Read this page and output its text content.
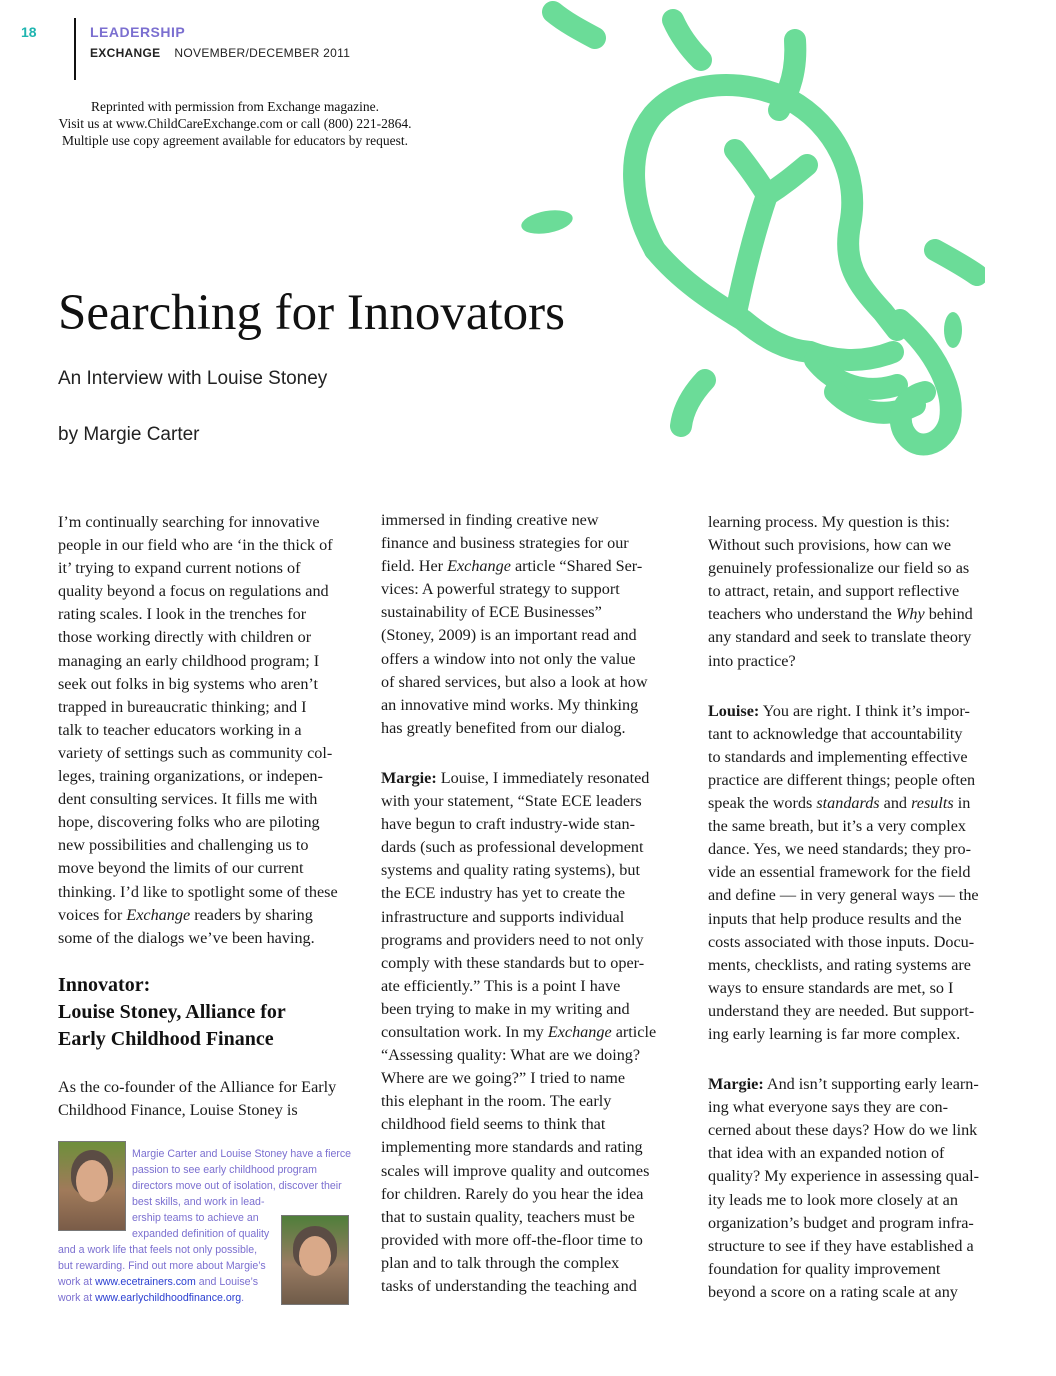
18	LEADERSHIP
EXCHANGE NOVEMBER/DECEMBER 2011
Reprinted with permission from Exchange magazine.
Visit us at www.ChildCareExchange.com or call (800) 221-2864.
Multiple use copy agreement available for educators by request.
Searching for Innovators
An Interview with Louise Stoney
by Margie Carter
I’m continually searching for innovative
people in our field who are ‘in the thick of
it’ trying to expand current notions of
quality beyond a focus on regulations and
rating scales. I look in the trenches for
those working directly with children or
managing an early childhood program; I
seek out folks in big systems who aren’t
trapped in bureaucratic thinking; and I
talk to teacher educators working in a
variety of settings such as community col-
leges, training organizations, or indepen-
dent consulting services. It fills me with
hope, discovering folks who are piloting
new possibilities and challenging us to
move beyond the limits of our current
thinking. I’d like to spotlight some of these
voices for Exchange readers by sharing
some of the dialogs we’ve been having.
Innovator:
Louise Stoney, Alliance for
Early Childhood Finance
As the co-founder of the Alliance for Early
Childhood Finance, Louise Stoney is
Margie Carter and Louise Stoney have a fierce
passion to see early childhood program
directors move out of isolation, discover their
best skills, and work in lead-
ership teams to achieve an
expanded definition of quality
and a work life that feels not only possible,
but rewarding. Find out more about Margie’s
work at www.ecetrainers.com and Louise’s
work at www.earlychildhoodfinance.org.
immersed in finding creative new
finance and business strategies for our
field. Her Exchange article “Shared Ser-
vices: A powerful strategy to support
sustainability of ECE Businesses”
(Stoney, 2009) is an important read and
offers a window into not only the value
of shared services, but also a look at how
an innovative mind works. My thinking
has greatly benefited from our dialog.
Margie: Louise, I immediately resonated
with your statement, “State ECE leaders
have begun to craft industry-wide stan-
dards (such as professional development
systems and quality rating systems), but
the ECE industry has yet to create the
infrastructure and supports individual
programs and providers need to not only
comply with these standards but to oper-
ate efficiently.” This is a point I have
been trying to make in my writing and
consultation work. In my Exchange article
“Assessing quality: What are we doing?
Where are we going?” I tried to name
this elephant in the room. The early
childhood field seems to think that
implementing more standards and rating
scales will improve quality and outcomes
for children. Rarely do you hear the idea
that to sustain quality, teachers must be
provided with more off-the-floor time to
plan and to talk through the complex
tasks of understanding the teaching and
learning process. My question is this:
Without such provisions, how can we
genuinely professionalize our field so as
to attract, retain, and support reflective
teachers who understand the Why behind
any standard and seek to translate theory
into practice?
Louise: You are right. I think it’s impor-
tant to acknowledge that accountability
to standards and implementing effective
practice are different things; people often
speak the words standards and results in
the same breath, but it’s a very complex
dance. Yes, we need standards; they pro-
vide an essential framework for the field
and define — in very general ways — the
inputs that help produce results and the
costs associated with those inputs. Docu-
ments, checklists, and rating systems are
ways to ensure standards are met, so I
understand they are needed. But support-
ing early learning is far more complex.
Margie: And isn’t supporting early learn-
ing what everyone says they are con-
cerned about these days? How do we link
that idea with an expanded notion of
quality? My experience in assessing qual-
ity leads me to look more closely at an
organization’s budget and program infra-
structure to see if they have established a
foundation for quality improvement
beyond a score on a rating scale at any
